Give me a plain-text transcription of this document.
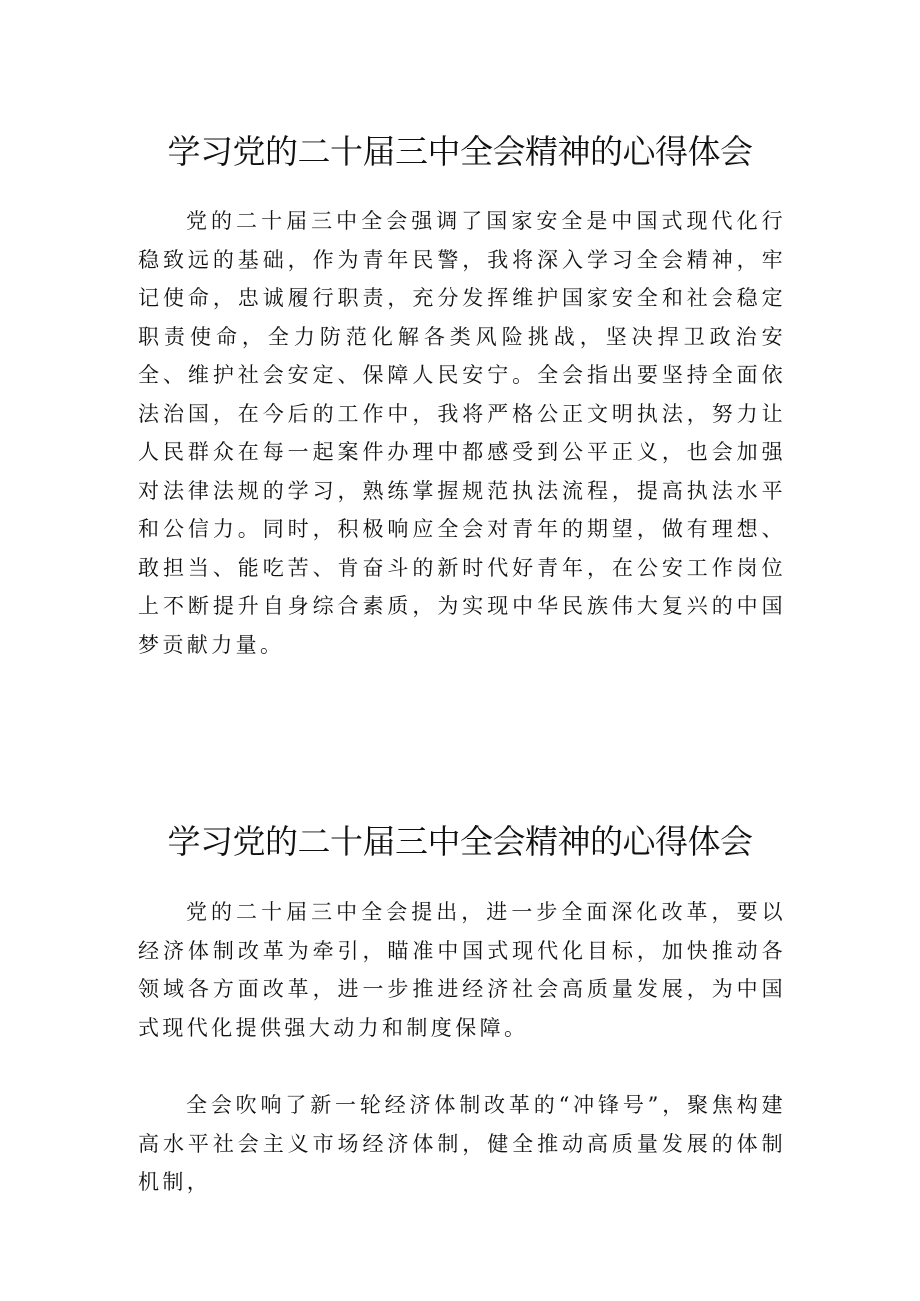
学习党的二十届三中全会精神的心得体会

党的二十届三中全会强调了国家安全是中国式现代化行稳致远的基础，作为青年民警，我将深入学习全会精神，牢记使命，忠诚履行职责，充分发挥维护国家安全和社会稳定职责使命，全力防范化解各类风险挑战，坚决捍卫政治安全、维护社会安定、保障人民安宁。全会指出要坚持全面依法治国，在今后的工作中，我将严格公正文明执法，努力让人民群众在每一起案件办理中都感受到公平正义，也会加强对法律法规的学习，熟练掌握规范执法流程，提高执法水平和公信力。同时，积极响应全会对青年的期望，做有理想、敢担当、能吃苦、肯奋斗的新时代好青年，在公安工作岗位上不断提升自身综合素质，为实现中华民族伟大复兴的中国梦贡献力量。

学习党的二十届三中全会精神的心得体会

党的二十届三中全会提出，进一步全面深化改革，要以经济体制改革为牵引，瞄准中国式现代化目标，加快推动各领域各方面改革，进一步推进经济社会高质量发展，为中国式现代化提供强大动力和制度保障。

全会吹响了新一轮经济体制改革的“冲锋号”，聚焦构建高水平社会主义市场经济体制，健全推动高质量发展的体制机制，
